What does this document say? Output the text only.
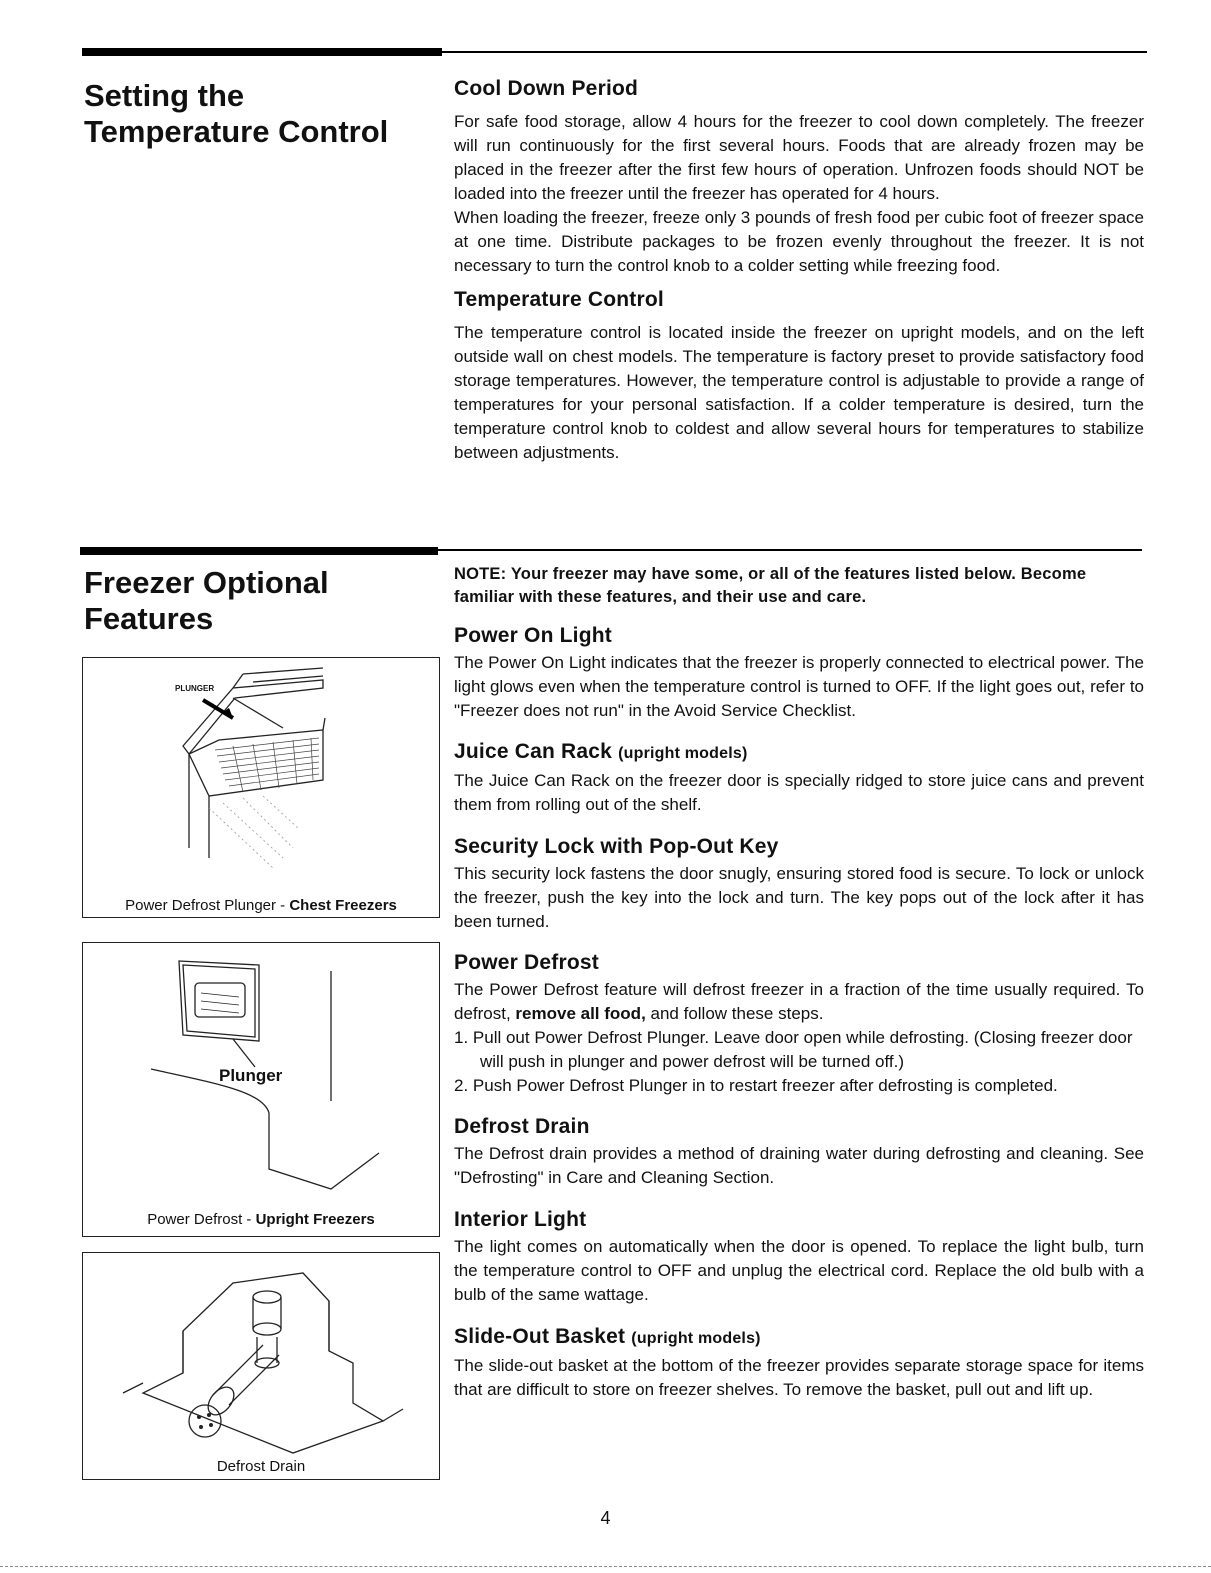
Setting the
Temperature Control
Cool Down Period

For safe food storage, allow 4 hours for the freezer to cool down completely. The freezer will run continuously for the first several hours. Foods that are already frozen may be placed in the freezer after the first few hours of operation. Unfrozen foods should NOT be loaded into the freezer until the freezer has operated for 4 hours.

When loading the freezer, freeze only 3 pounds of fresh food per cubic foot of freezer space at one time. Distribute packages to be frozen evenly throughout the freezer. It is not necessary to turn the control knob to a colder setting while freezing food.

Temperature Control

The temperature control is located inside the freezer on upright models, and on the left outside wall on chest models. The temperature is factory preset to provide satisfactory food storage temperatures. However, the temperature control is adjustable to provide a range of temperatures for your personal satisfaction. If a colder temperature is desired, turn the temperature control knob to coldest and allow several hours for temperatures to stabilize between adjustments.

Freezer Optional
Features

NOTE: Your freezer may have some, or all of the features listed below. Become familiar with these features, and their use and care.

Power On Light

The Power On Light indicates that the freezer is properly connected to electrical power. The light glows even when the temperature control is turned to OFF. If the light goes out, refer to "Freezer does not run" in the Avoid Service Checklist.

Juice Can Rack (upright models)

The Juice Can Rack on the freezer door is specially ridged to store juice cans and prevent them from rolling out of the shelf.

Security Lock with Pop-Out Key

This security lock fastens the door snugly, ensuring stored food is secure. To lock or unlock the freezer, push the key into the lock and turn. The key pops out of the lock after it has been turned.

Power Defrost

The Power Defrost feature will defrost freezer in a fraction of the time usually required. To defrost, remove all food, and follow these steps.

1. Pull out Power Defrost Plunger. Leave door open while defrosting. (Closing freezer door will push in plunger and power defrost will be turned off.)
2. Push Power Defrost Plunger in to restart freezer after defrosting is completed.
Defrost Drain

The Defrost drain provides a method of draining water during defrosting and cleaning. See "Defrosting" in Care and Cleaning Section.

Interior Light

The light comes on automatically when the door is opened. To replace the light bulb, turn the temperature control to OFF and unplug the electrical cord. Replace the old bulb with a bulb of the same wattage.

Slide-Out Basket (upright models)

The slide-out basket at the bottom of the freezer provides separate storage space for items that are difficult to store on freezer shelves. To remove the basket, pull out and lift up.

PLUNGER
Power Defrost Plunger - Chest Freezers
Plunger
Power Defrost - Upright Freezers
Defrost Drain
4
